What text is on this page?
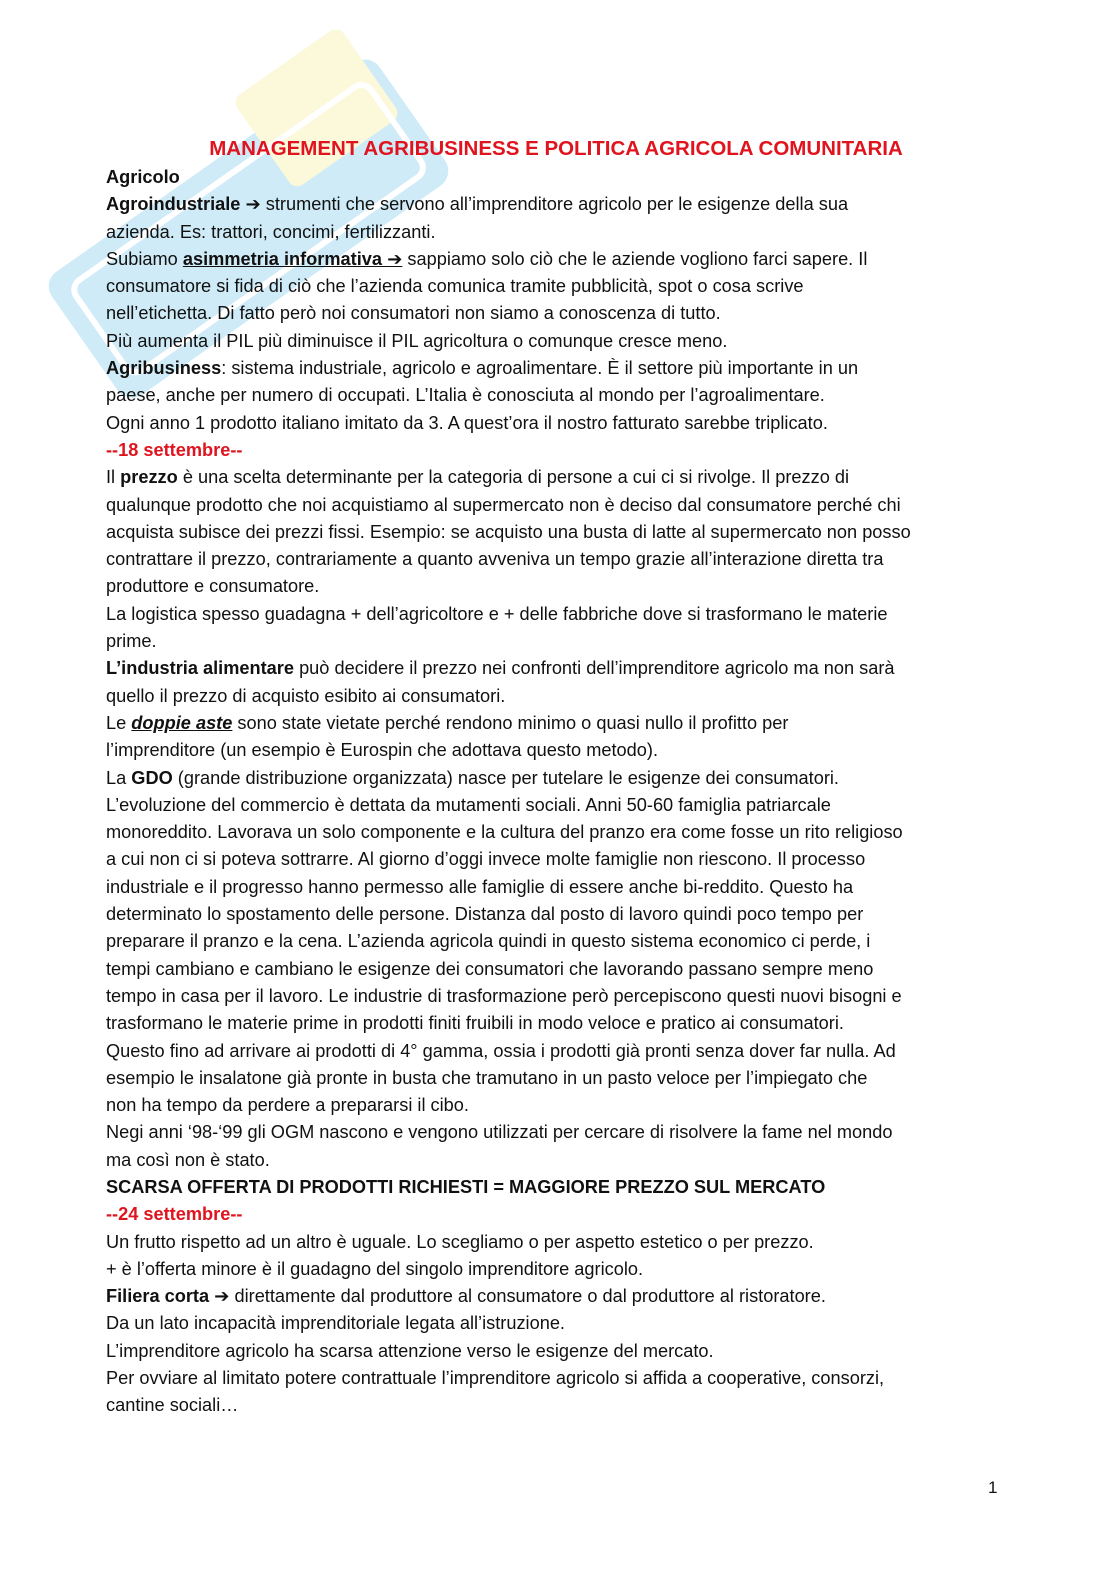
MANAGEMENT AGRIBUSINESS E POLITICA AGRICOLA COMUNITARIA
Agricolo
Agroindustriale ➔ strumenti che servono all’imprenditore agricolo per le esigenze della sua
azienda. Es: trattori, concimi, fertilizzanti.
Subiamo asimmetria informativa ➔ sappiamo solo ciò che le aziende vogliono farci sapere. Il
consumatore si fida di ciò che l’azienda comunica tramite pubblicità, spot o cosa scrive
nell’etichetta. Di fatto però noi consumatori non siamo a conoscenza di tutto.
Più aumenta il PIL più diminuisce il PIL agricoltura o comunque cresce meno.
Agribusiness: sistema industriale, agricolo e agroalimentare. È il settore più importante in un
paese, anche per numero di occupati. L’Italia è conosciuta al mondo per l’agroalimentare.
Ogni anno 1 prodotto italiano imitato da 3. A quest’ora il nostro fatturato sarebbe triplicato.
--18 settembre--
Il prezzo è una scelta determinante per la categoria di persone a cui ci si rivolge. Il prezzo di
qualunque prodotto che noi acquistiamo al supermercato non è deciso dal consumatore perché chi
acquista subisce dei prezzi fissi. Esempio: se acquisto una busta di latte al supermercato non posso
contrattare il prezzo, contrariamente a quanto avveniva un tempo grazie all’interazione diretta tra
produttore e consumatore.
La logistica spesso guadagna + dell’agricoltore e + delle fabbriche dove si trasformano le materie
prime.
L’industria alimentare può decidere il prezzo nei confronti dell’imprenditore agricolo ma non sarà
quello il prezzo di acquisto esibito ai consumatori.
Le doppie aste sono state vietate perché rendono minimo o quasi nullo il profitto per
l’imprenditore (un esempio è Eurospin che adottava questo metodo).
La GDO (grande distribuzione organizzata) nasce per tutelare le esigenze dei consumatori.
L’evoluzione del commercio è dettata da mutamenti sociali. Anni 50-60 famiglia patriarcale
monoreddito. Lavorava un solo componente e la cultura del pranzo era come fosse un rito religioso
a cui non ci si poteva sottrarre. Al giorno d’oggi invece molte famiglie non riescono. Il processo
industriale e il progresso hanno permesso alle famiglie di essere anche bi-reddito. Questo ha
determinato lo spostamento delle persone. Distanza dal posto di lavoro quindi poco tempo per
preparare il pranzo e la cena. L’azienda agricola quindi in questo sistema economico ci perde, i
tempi cambiano e cambiano le esigenze dei consumatori che lavorando passano sempre meno
tempo in casa per il lavoro. Le industrie di trasformazione però percepiscono questi nuovi bisogni e
trasformano le materie prime in prodotti finiti fruibili in modo veloce e pratico ai consumatori.
Questo fino ad arrivare ai prodotti di 4° gamma, ossia i prodotti già pronti senza dover far nulla. Ad
esempio le insalatone già pronte in busta che tramutano in un pasto veloce per l’impiegato che
non ha tempo da perdere a prepararsi il cibo.
Negi anni ‘98-‘99 gli OGM nascono e vengono utilizzati per cercare di risolvere la fame nel mondo
ma così non è stato.
SCARSA OFFERTA DI PRODOTTI RICHIESTI = MAGGIORE PREZZO SUL MERCATO
--24 settembre--
Un frutto rispetto ad un altro è uguale. Lo scegliamo o per aspetto estetico o per prezzo.
+ è l’offerta minore è il guadagno del singolo imprenditore agricolo.
Filiera corta ➔ direttamente dal produttore al consumatore o dal produttore al ristoratore.
Da un lato incapacità imprenditoriale legata all’istruzione.
L’imprenditore agricolo ha scarsa attenzione verso le esigenze del mercato.
Per ovviare al limitato potere contrattuale l’imprenditore agricolo si affida a cooperative, consorzi,
cantine sociali…
1
